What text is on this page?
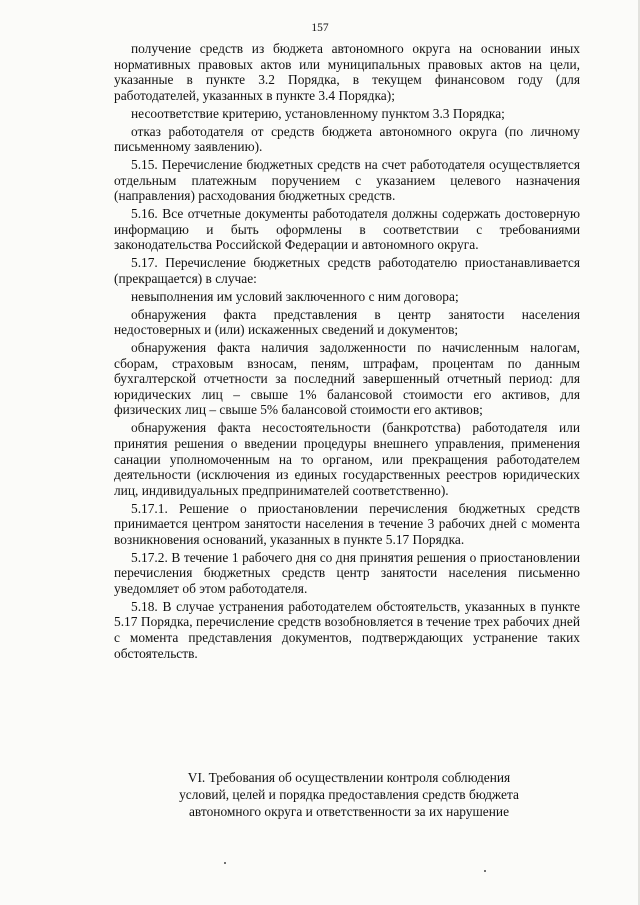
157

получение средств из бюджета автономного округа на основании иных нормативных правовых актов или муниципальных правовых актов на цели, указанные в пункте 3.2 Порядка, в текущем финансовом году (для работодателей, указанных в пункте 3.4 Порядка);

несоответствие критерию, установленному пунктом 3.3 Порядка;

отказ работодателя от средств бюджета автономного округа (по личному письменному заявлению).

5.15. Перечисление бюджетных средств на счет работодателя осуществляется отдельным платежным поручением с указанием целевого назначения (направления) расходования бюджетных средств.

5.16. Все отчетные документы работодателя должны содержать достоверную информацию и быть оформлены в соответствии с требованиями законодательства Российской Федерации и автономного округа.

5.17. Перечисление бюджетных средств работодателю приостанавливается (прекращается) в случае:

невыполнения им условий заключенного с ним договора;

обнаружения факта представления в центр занятости населения недостоверных и (или) искаженных сведений и документов;

обнаружения факта наличия задолженности по начисленным налогам, сборам, страховым взносам, пеням, штрафам, процентам по данным бухгалтерской отчетности за последний завершенный отчетный период: для юридических лиц – свыше 1% балансовой стоимости его активов, для физических лиц – свыше 5% балансовой стоимости его активов;

обнаружения факта несостоятельности (банкротства) работодателя или принятия решения о введении процедуры внешнего управления, применения санации уполномоченным на то органом, или прекращения работодателем деятельности (исключения из единых государственных реестров юридических лиц, индивидуальных предпринимателей соответственно).

5.17.1. Решение о приостановлении перечисления бюджетных средств принимается центром занятости населения в течение 3 рабочих дней с момента возникновения оснований, указанных в пункте 5.17 Порядка.

5.17.2. В течение 1 рабочего дня со дня принятия решения о приостановлении перечисления бюджетных средств центр занятости населения письменно уведомляет об этом работодателя.

5.18. В случае устранения работодателем обстоятельств, указанных в пункте 5.17 Порядка, перечисление средств возобновляется в течение трех рабочих дней с момента представления документов, подтверждающих устранение таких обстоятельств.

VI. Требования об осуществлении контроля соблюдения
условий, целей и порядка предоставления средств бюджета
автономного округа и ответственности за их нарушение
